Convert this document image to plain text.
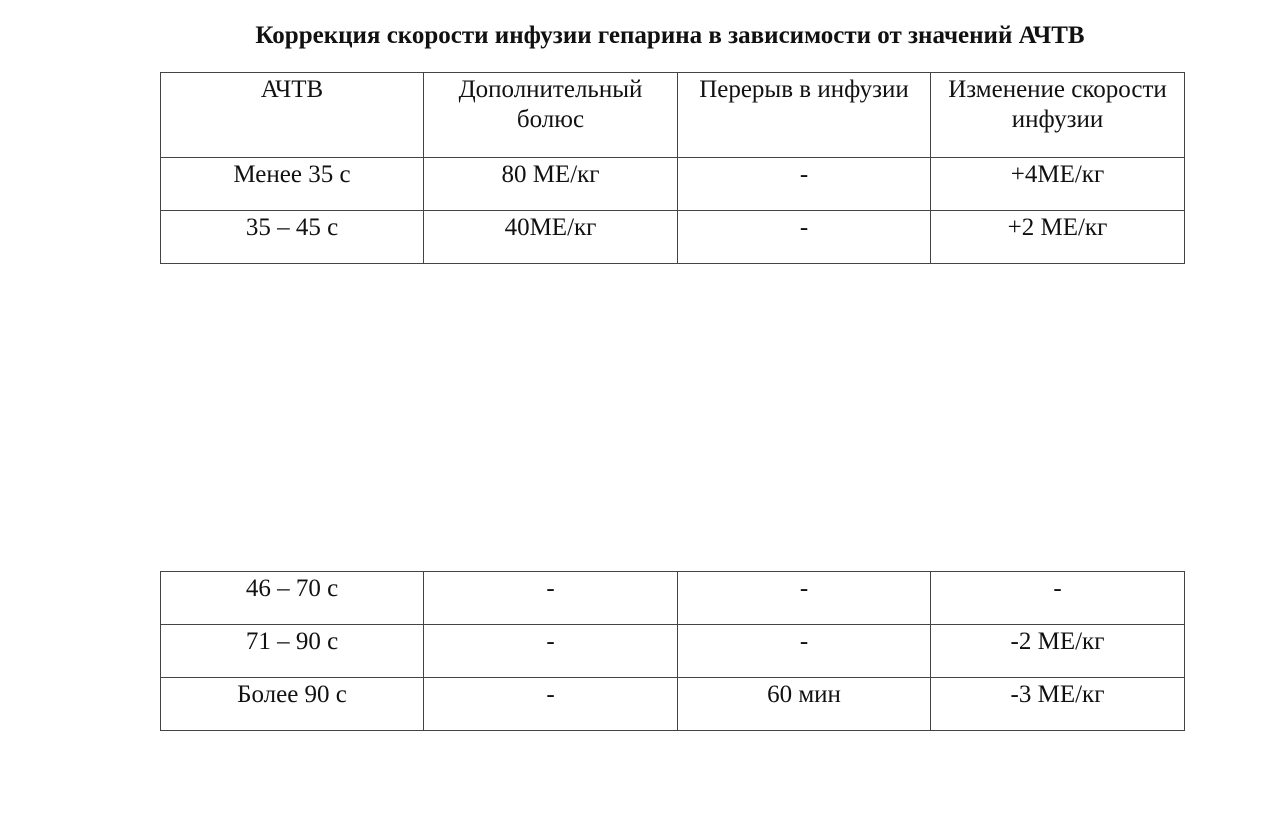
Коррекция скорости инфузии гепарина в зависимости от значений АЧТВ
АЧТВ	Дополнительный болюс	Перерыв в инфузии	Изменение скорости инфузии
Менее 35 с	80 МЕ/кг	-	+4МЕ/кг
35 – 45 с	40МЕ/кг	-	+2 МЕ/кг
46 – 70 с	-	-	-
71 – 90 с	-	-	-2 МЕ/кг
Более 90 с	-	60 мин	-3 МЕ/кг
